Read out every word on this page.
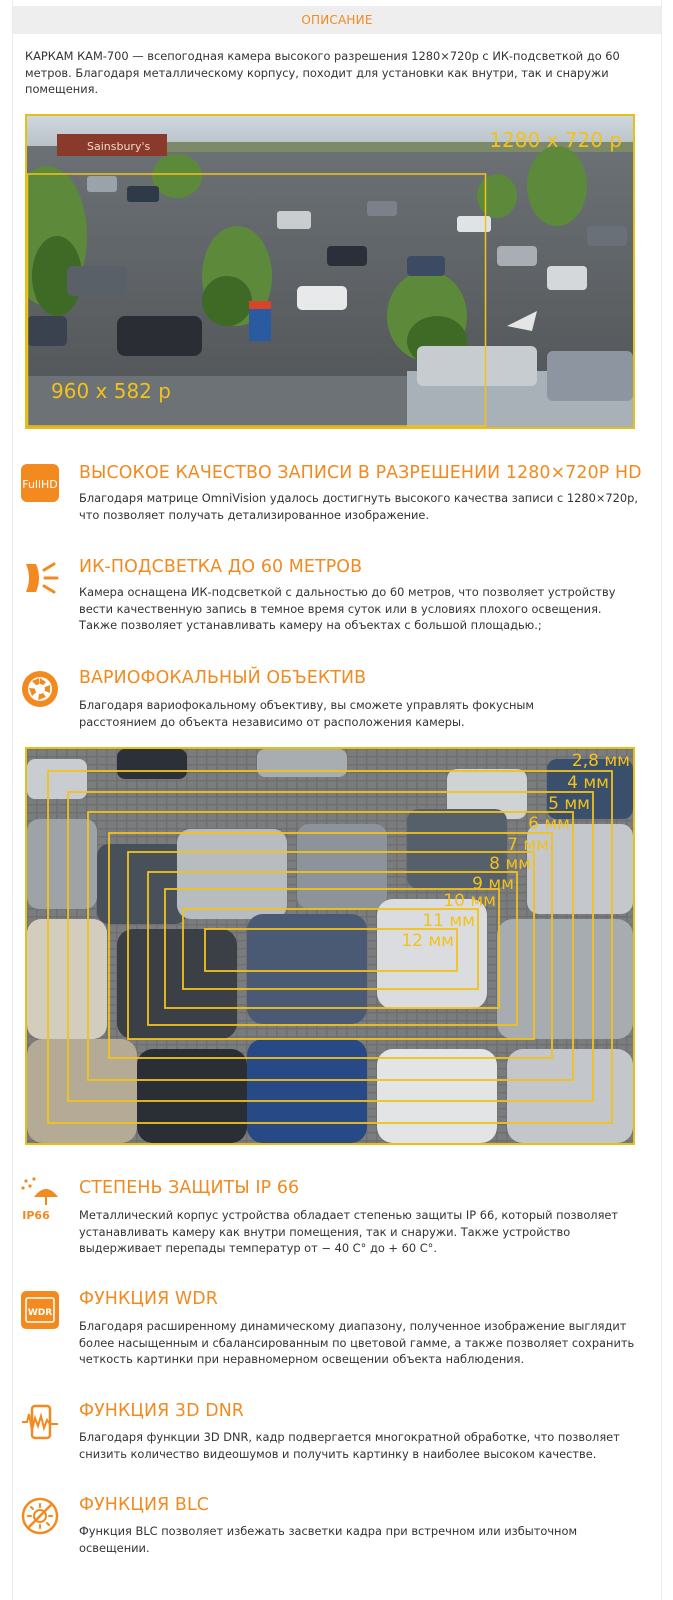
ОПИСАНИЕ
КАРКАМ КАМ-700 — всепогодная камера высокого разрешения 1280×720р с ИК-подсветкой до 60 метров. Благодаря металлическому корпусу, походит для установки как внутри, так и снаружи помещения.
Sainsbury's	1280 x 720 p
960 x 582 p
FullHD
ВЫСОКОЕ КАЧЕСТВО ЗАПИСИ В РАЗРЕШЕНИИ 1280×720P HD
Благодаря матрице OmniVision удалось достигнуть высокого качества записи с 1280×720р, что позволяет получать детализированное изображение.
ИК-ПОДСВЕТКА ДО 60 МЕТРОВ
Камера оснащена ИК-подсветкой с дальностью до 60 метров, что позволяет устройству вести качественную запись в темное время суток или в условиях плохого освещения. Также позволяет устанавливать камеру на объектах с большой площадью.;
ВАРИОФОКАЛЬНЫЙ ОБЪЕКТИВ
Благодаря вариофокальному объективу, вы сможете управлять фокусным расстоянием до объекта независимо от расположения камеры.
2,8 мм
4 мм
5 мм
6 мм
7 мм
8 мм
9 мм
10 мм
11 мм
12 мм
IP66
СТЕПЕНЬ ЗАЩИТЫ IP 66
Металлический корпус устройства обладает степенью защиты IP 66, который позволяет устанавливать камеру как внутри помещения, так и снаружи. Также устройство выдерживает перепады температур от − 40 С° до + 60 С°.
WDR
ФУНКЦИЯ WDR
Благодаря расширенному динамическому диапазону, полученное изображение выглядит более насыщенным и сбалансированным по цветовой гамме, а также позволяет сохранить четкость картинки при неравномерном освещении объекта наблюдения.
ФУНКЦИЯ 3D DNR
Благодаря функции 3D DNR, кадр подвергается многократной обработке, что позволяет снизить количество видеошумов и получить картинку в наиболее высоком качестве.
ФУНКЦИЯ BLC
Функция BLC позволяет избежать засветки кадра при встречном или избыточном освещении.
